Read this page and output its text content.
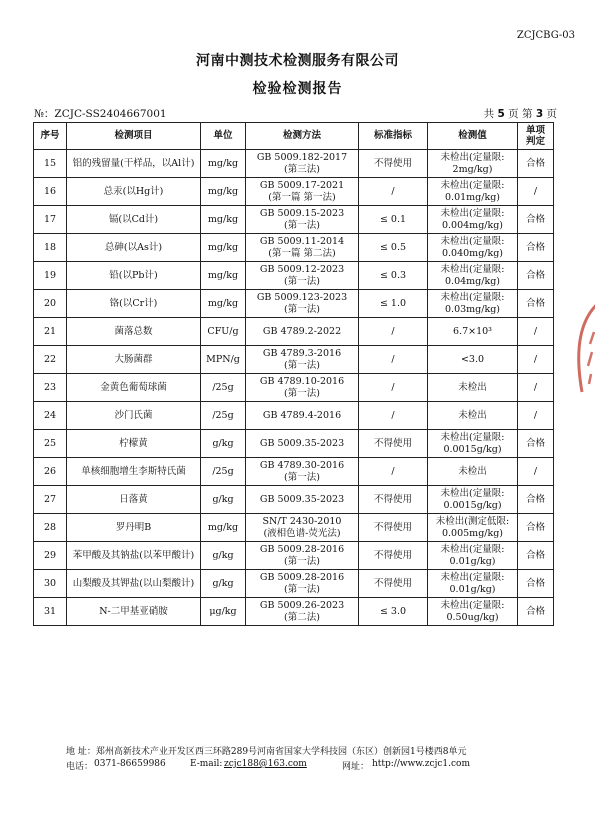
ZCJCBG-03
河南中测技术检测服务有限公司
检验检测报告
№：ZCJC-SS2404667001	共 5 页 第 3 页
序号	检测项目	单位	检测方法	标准指标	检测值	单项
判定
15	铝的残留量(干样品，以Al计)	mg/kg	GB 5009.182-2017
(第三法)	不得使用	未检出(定量限:
2mg/kg)	合格
16	总汞(以Hg计)	mg/kg	GB 5009.17-2021
(第一篇 第一法)	/	未检出(定量限:
0.01mg/kg)	/
17	镉(以Cd计)	mg/kg	GB 5009.15-2023
(第一法)	≤ 0.1	未检出(定量限:
0.004mg/kg)	合格
18	总砷(以As计)	mg/kg	GB 5009.11-2014
(第一篇 第二法)	≤ 0.5	未检出(定量限:
0.040mg/kg)	合格
19	铅(以Pb计)	mg/kg	GB 5009.12-2023
(第一法)	≤ 0.3	未检出(定量限:
0.04mg/kg)	合格
20	铬(以Cr计)	mg/kg	GB 5009.123-2023
(第一法)	≤ 1.0	未检出(定量限:
0.03mg/kg)	合格
21	菌落总数	CFU/g	GB 4789.2-2022	/	6.7×10³	/
22	大肠菌群	MPN/g	GB 4789.3-2016
(第一法)	/	<3.0	/
23	金黄色葡萄球菌	/25g	GB 4789.10-2016
(第一法)	/	未检出	/
24	沙门氏菌	/25g	GB 4789.4-2016	/	未检出	/
25	柠檬黄	g/kg	GB 5009.35-2023	不得使用	未检出(定量限:
0.0015g/kg)	合格
26	单核细胞增生李斯特氏菌	/25g	GB 4789.30-2016
(第一法)	/	未检出	/
27	日落黄	g/kg	GB 5009.35-2023	不得使用	未检出(定量限:
0.0015g/kg)	合格
28	罗丹明B	mg/kg	SN/T 2430-2010
(液相色谱-荧光法)	不得使用	未检出(测定低限:
0.005mg/kg)	合格
29	苯甲酸及其钠盐(以苯甲酸计)	g/kg	GB 5009.28-2016
(第一法)	不得使用	未检出(定量限:
0.01g/kg)	合格
30	山梨酸及其钾盐(以山梨酸计)	g/kg	GB 5009.28-2016
(第一法)	不得使用	未检出(定量限:
0.01g/kg)	合格
31	N-二甲基亚硝胺	μg/kg	GB 5009.26-2023
(第二法)	≤ 3.0	未检出(定量限:
0.50ug/kg)	合格
地 址：郑州高新技术产业开发区西三环路289号河南省国家大学科技园（东区）创新园1号楼西8单元
电话： 0371-86659986	E-mail: zcjc188@163.com	网址： http://www.zcjc1.com
